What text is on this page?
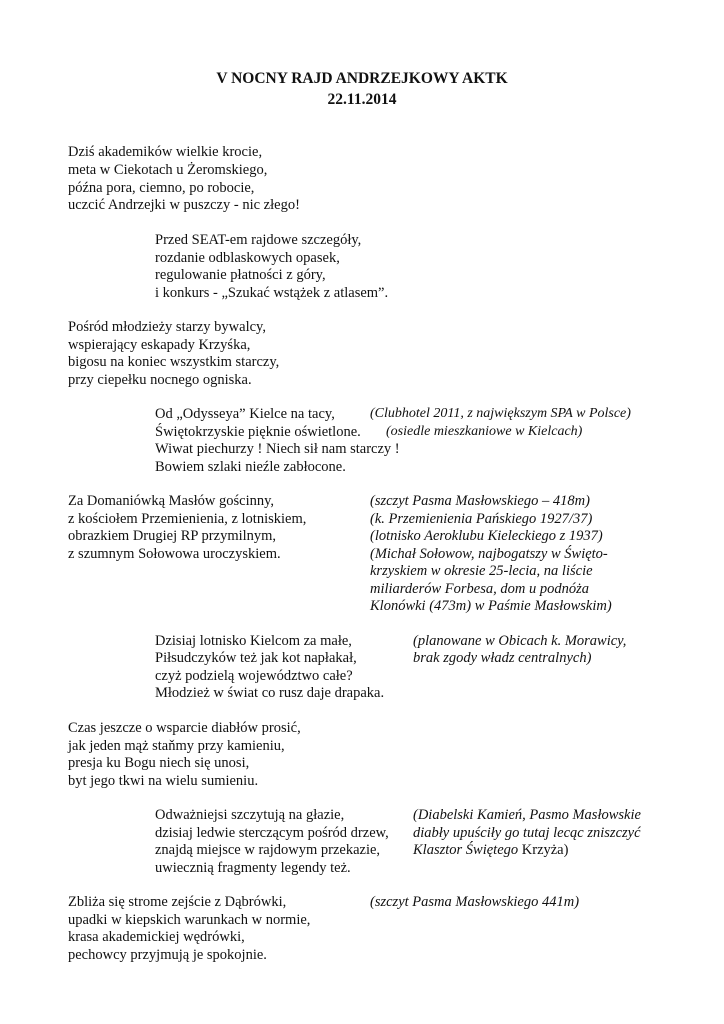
V NOCNY RAJD ANDRZEJKOWY AKTK
22.11.2014
Dziś akademików wielkie krocie,
meta w Ciekotach u Żeromskiego,
późna pora, ciemno, po robocie,
uczcić Andrzejki w puszczy - nic złego!
Przed SEAT-em rajdowe szczegóły,
rozdanie odblaskowych opasek,
regulowanie płatności z góry,
i konkurs - „Szukać wstążek z atlasem”.
Pośród młodzieży starzy bywalcy,
wspierający eskapady Krzyśka,
bigosu na koniec wszystkim starczy,
przy ciepełku nocnego ogniska.
Od „Odysseya” Kielce na tacy,	(Clubhotel 2011, z największym SPA w Polsce)
Świętokrzyskie pięknie oświetlone. (osiedle mieszkaniowe w Kielcach)
Wiwat piechurzy ! Niech sił nam starczy !
Bowiem szlaki nieźle zabłocone.
Za Domaniówką Masłów gościnny,
z kościołem Przemienienia, z lotniskiem,
obrazkiem Drugiej RP przymilnym,
z szumnym Sołowowa uroczyskiem.
(szczyt Pasma Masłowskiego – 418m)
(k. Przemienienia Pańskiego 1927/37)
(lotnisko Aeroklubu Kieleckiego z 1937)
(Michał Sołowow, najbogatszy w Święto-
krzyskiem w okresie 25-lecia, na liście
miliarderów Forbesa, dom u podnóża
Klonówki (473m) w Paśmie Masłowskim)
Dzisiaj lotnisko Kielcom za małe,
Piłsudczyków też jak kot napłakał,
czyż podzielą województwo całe?
Młodzież w świat co rusz daje drapaka.
(planowane w Obicach k. Morawicy,
brak zgody władz centralnych)
Czas jeszcze o wsparcie diabłów prosić,
jak jeden mąż staňmy przy kamieniu,
presja ku Bogu niech się unosi,
byt jego tkwi na wielu sumieniu.
Odważniejsi szczytują na głazie,
dzisiaj ledwie sterczącym pośród drzew,
znajdą miejsce w rajdowym przekazie,
uwiecznią fragmenty legendy też.
(Diabelski Kamień, Pasmo Masłowskie
diabły upuściły go tutaj lecąc zniszczyć
Klasztor Świętego Krzyża)
Zbliża się strome zejście z Dąbrówki,	(szczyt Pasma Masłowskiego 441m)
upadki w kiepskich warunkach w normie,
krasa akademickiej wędrówki,
pechowcy przyjmują je spokojnie.
